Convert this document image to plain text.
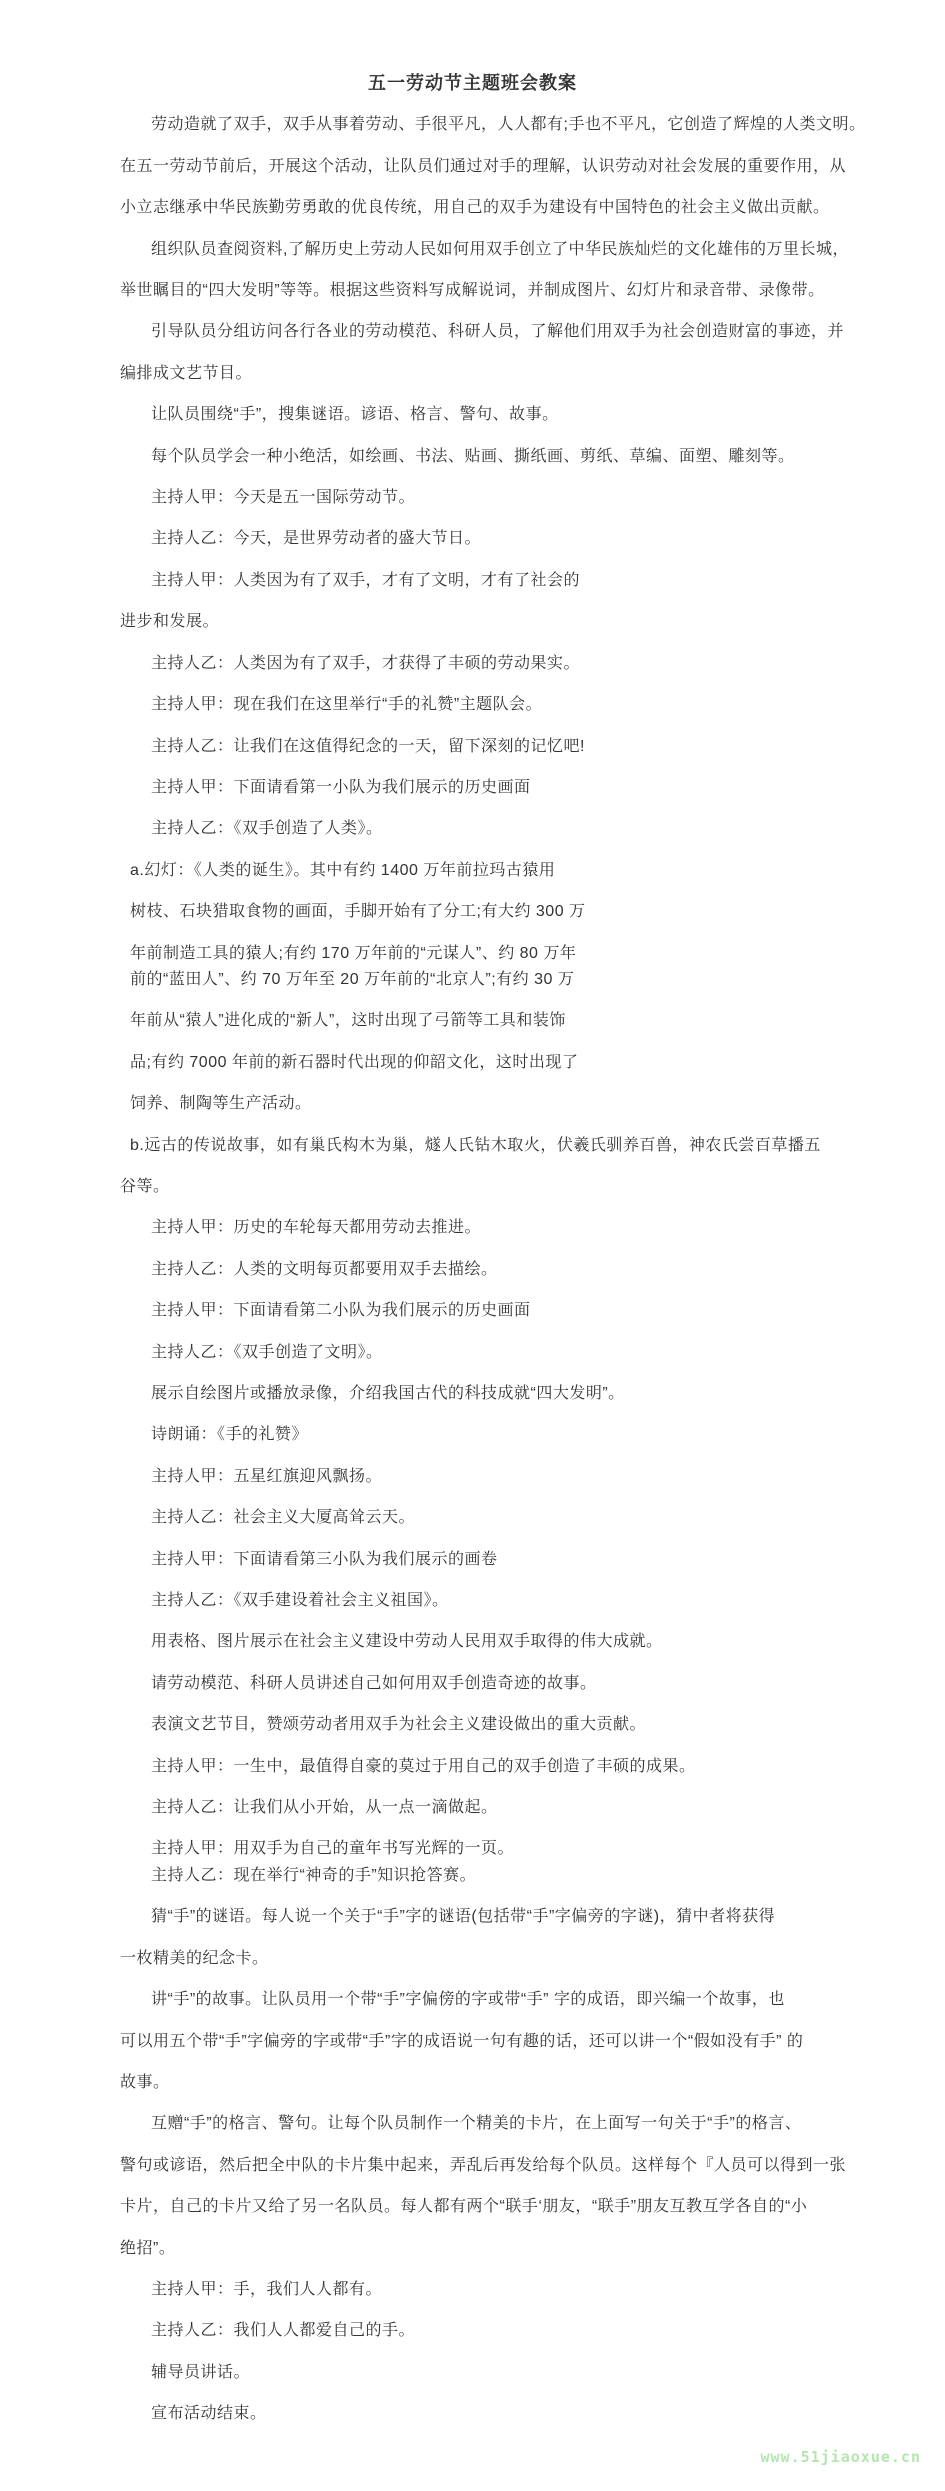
五一劳动节主题班会教案

劳动造就了双手，双手从事着劳动、手很平凡，人人都有;手也不平凡，它创造了辉煌的人类文明。

在五一劳动节前后，开展这个活动，让队员们通过对手的理解，认识劳动对社会发展的重要作用，从

小立志继承中华民族勤劳勇敢的优良传统，用自己的双手为建设有中国特色的社会主义做出贡献。

组织队员查阅资料,了解历史上劳动人民如何用双手创立了中华民族灿烂的文化雄伟的万里长城，

举世瞩目的“四大发明”等等。根据这些资料写成解说词，并制成图片、幻灯片和录音带、录像带。

引导队员分组访问各行各业的劳动模范、科研人员，了解他们用双手为社会创造财富的事迹，并

编排成文艺节目。

让队员围绕“手”，搜集谜语。谚语、格言、警句、故事。

每个队员学会一种小绝活，如绘画、书法、贴画、撕纸画、剪纸、草编、面塑、雕刻等。

主持人甲：今天是五一国际劳动节。

主持人乙：今天，是世界劳动者的盛大节日。

主持人甲：人类因为有了双手，才有了文明，才有了社会的

进步和发展。

主持人乙：人类因为有了双手，才获得了丰硕的劳动果实。

主持人甲：现在我们在这里举行“手的礼赞”主题队会。

主持人乙：让我们在这值得纪念的一天，留下深刻的记忆吧!

主持人甲：下面请看第一小队为我们展示的历史画面

主持人乙：《双手创造了人类》。

a.幻灯：《人类的诞生》。其中有约 1400 万年前拉玛古猿用

树枝、石块猎取食物的画面，手脚开始有了分工;有大约 300 万

年前制造工具的猿人;有约 170 万年前的“元谋人”、约 80 万年

前的“蓝田人”、约 70 万年至 20 万年前的“北京人”;有约 30 万

年前从“猿人”进化成的“新人”，这时出现了弓箭等工具和装饰

品;有约 7000 年前的新石器时代出现的仰韶文化，这时出现了

饲养、制陶等生产活动。

b.远古的传说故事，如有巢氏构木为巢，燧人氏钻木取火，伏羲氏驯养百兽，神农氏尝百草播五

谷等。

主持人甲：历史的车轮每天都用劳动去推进。

主持人乙：人类的文明每页都要用双手去描绘。

主持人甲：下面请看第二小队为我们展示的历史画面

主持人乙：《双手创造了文明》。

展示自绘图片或播放录像，介绍我国古代的科技成就“四大发明”。

诗朗诵：《手的礼赞》

主持人甲：五星红旗迎风飘扬。

主持人乙：社会主义大厦高耸云天。

主持人甲：下面请看第三小队为我们展示的画卷

主持人乙：《双手建设着社会主义祖国》。

用表格、图片展示在社会主义建设中劳动人民用双手取得的伟大成就。

请劳动模范、科研人员讲述自己如何用双手创造奇迹的故事。

表演文艺节目，赞颂劳动者用双手为社会主义建设做出的重大贡献。

主持人甲：一生中，最值得自豪的莫过于用自己的双手创造了丰硕的成果。

主持人乙：让我们从小开始，从一点一滴做起。

主持人甲：用双手为自己的童年书写光辉的一页。

主持人乙：现在举行“神奇的手”知识抢答赛。

猜“手”的谜语。每人说一个关于“手”字的谜语(包括带“手”字偏旁的字谜)，猜中者将获得

一枚精美的纪念卡。

讲“手”的故事。让队员用一个带“手”字偏傍的字或带“手” 字的成语，即兴编一个故事，也

可以用五个带“手”字偏旁的字或带“手”字的成语说一句有趣的话，还可以讲一个“假如没有手” 的

故事。

互赠“手”的格言、警句。让每个队员制作一个精美的卡片，在上面写一句关于“手”的格言、

警句或谚语，然后把全中队的卡片集中起来，弄乱后再发给每个队员。这样每个『人员可以得到一张

卡片，自己的卡片又给了另一名队员。每人都有两个“联手‘朋友，“联手”朋友互教互学各自的“小

绝招”。

主持人甲：手，我们人人都有。

主持人乙：我们人人都爱自己的手。

辅导员讲话。

宣布活动结束。

www.51jiaoxue.cn
